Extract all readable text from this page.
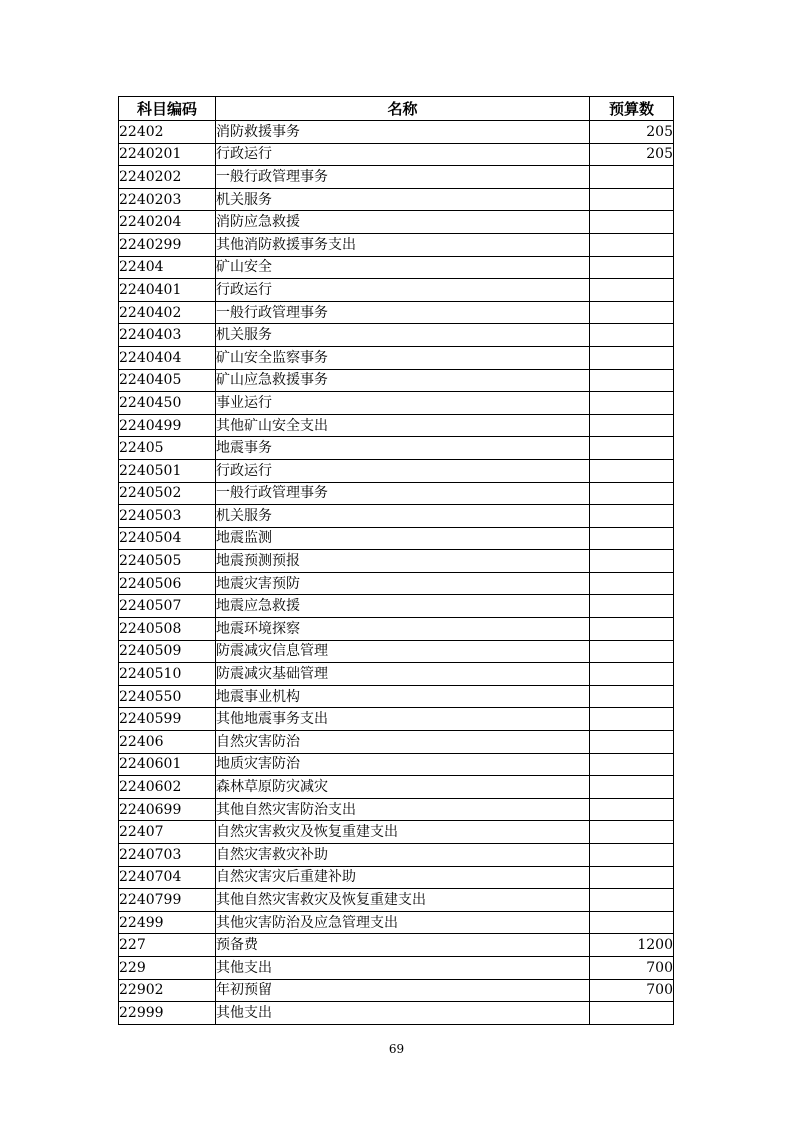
科目编码	名称	预算数
22402	消防救援事务	205
2240201	行政运行	205
2240202	一般行政管理事务	
2240203	机关服务	
2240204	消防应急救援	
2240299	其他消防救援事务支出	
22404	矿山安全	
2240401	行政运行	
2240402	一般行政管理事务	
2240403	机关服务	
2240404	矿山安全监察事务	
2240405	矿山应急救援事务	
2240450	事业运行	
2240499	其他矿山安全支出	
22405	地震事务	
2240501	行政运行	
2240502	一般行政管理事务	
2240503	机关服务	
2240504	地震监测	
2240505	地震预测预报	
2240506	地震灾害预防	
2240507	地震应急救援	
2240508	地震环境探察	
2240509	防震减灾信息管理	
2240510	防震减灾基础管理	
2240550	地震事业机构	
2240599	其他地震事务支出	
22406	自然灾害防治	
2240601	地质灾害防治	
2240602	森林草原防灾减灾	
2240699	其他自然灾害防治支出	
22407	自然灾害救灾及恢复重建支出	
2240703	自然灾害救灾补助	
2240704	自然灾害灾后重建补助	
2240799	其他自然灾害救灾及恢复重建支出	
22499	其他灾害防治及应急管理支出	
227	预备费	1200
229	其他支出	700
22902	年初预留	700
22999	其他支出	
69
